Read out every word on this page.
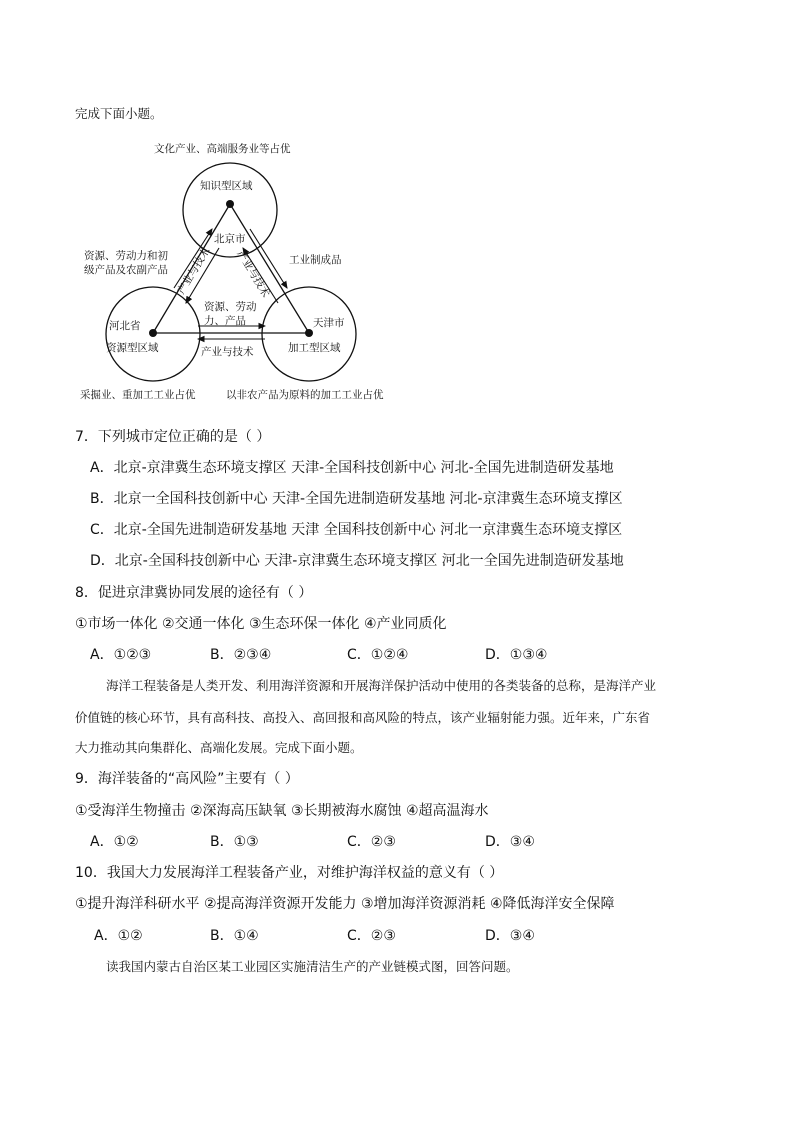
完成下面小题。
文化产业、高端服务业等占优
知识型区域
北京市
河北省
资源型区域
天津市
加工型区域
资源、劳动力和初
级产品及农副产品
工业制成品
产业与技术 产业与技术
资源、劳动
力、产品
产业与技术
采掘业、重加工工业占优	以非农产品为原料的加工工业占优
7．下列城市定位正确的是（ ）
A．北京-京津冀生态环境支撑区 天津-全国科技创新中心 河北-全国先进制造研发基地
B．北京一全国科技创新中心 天津-全国先进制造研发基地 河北-京津冀生态环境支撑区
C．北京-全国先进制造研发基地 天津 全国科技创新中心 河北一京津冀生态环境支撑区
D．北京-全国科技创新中心 天津-京津冀生态环境支撑区 河北一全国先进制造研发基地
8．促进京津冀协同发展的途径有（ ）
①市场一体化 ②交通一体化 ③生态环保一体化 ④产业同质化
A．①②③	B．②③④	C．①②④	D．①③④
海洋工程装备是人类开发、利用海洋资源和开展海洋保护活动中使用的各类装备的总称，是海洋产业
价值链的核心环节，具有高科技、高投入、高回报和高风险的特点，该产业辐射能力强。近年来，广东省
大力推动其向集群化、高端化发展。完成下面小题。
9．海洋装备的“高风险”主要有（ ）
①受海洋生物撞击 ②深海高压缺氧 ③长期被海水腐蚀 ④超高温海水
A．①②	B．①③	C．②③	D．③④
10．我国大力发展海洋工程装备产业，对维护海洋权益的意义有（ ）
①提升海洋科研水平 ②提高海洋资源开发能力 ③增加海洋资源消耗 ④降低海洋安全保障
A．①②	B．①④	C．②③	D．③④
读我国内蒙古自治区某工业园区实施清洁生产的产业链模式图，回答问题。
